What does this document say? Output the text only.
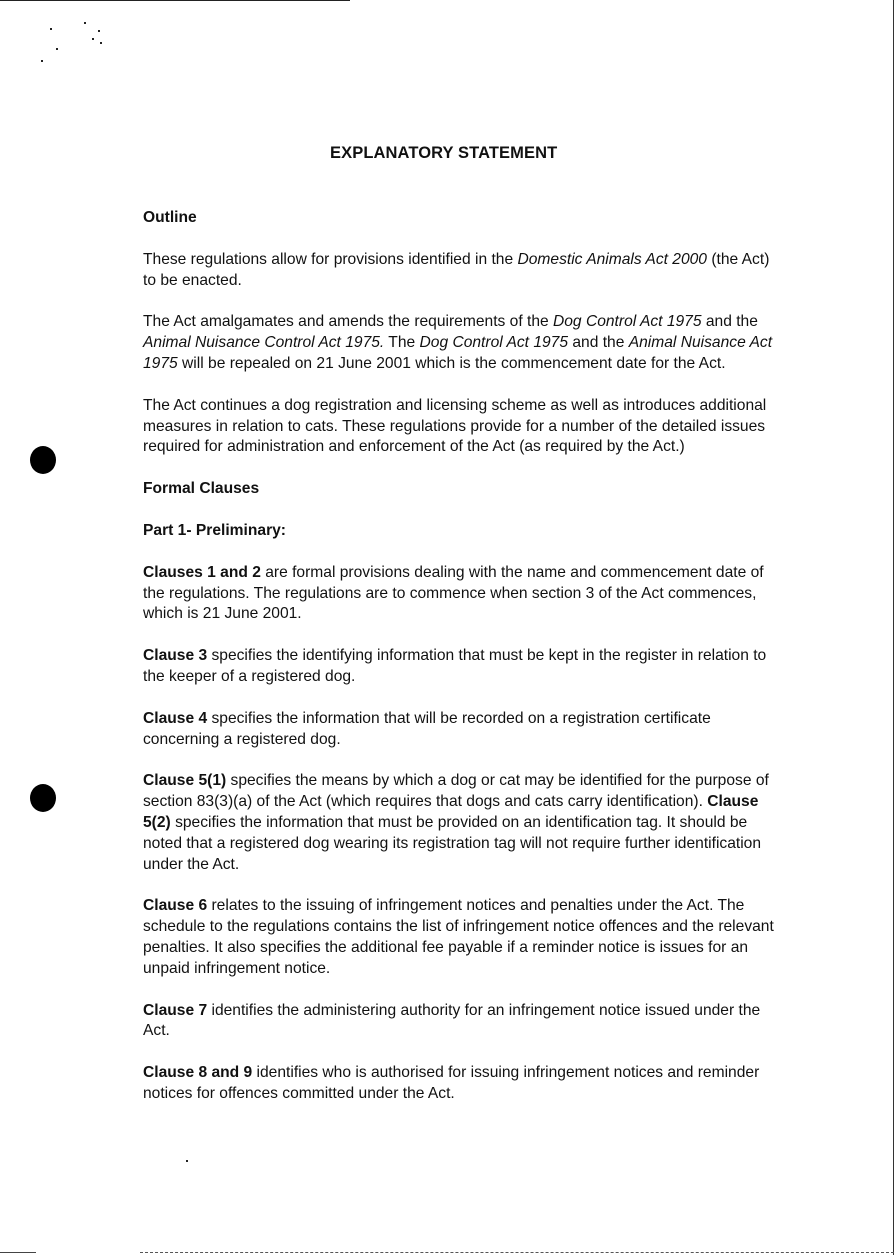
EXPLANATORY STATEMENT
Outline
These regulations allow for provisions identified in the Domestic Animals Act 2000 (the Act) to be enacted.
The Act amalgamates and amends the requirements of the Dog Control Act 1975 and the Animal Nuisance Control Act 1975. The Dog Control Act 1975 and the Animal Nuisance Act 1975 will be repealed on 21 June 2001 which is the commencement date for the Act.
The Act continues a dog registration and licensing scheme as well as introduces additional measures in relation to cats. These regulations provide for a number of the detailed issues required for administration and enforcement of the Act (as required by the Act.)
Formal Clauses
Part 1- Preliminary:
Clauses 1 and 2 are formal provisions dealing with the name and commencement date of the regulations. The regulations are to commence when section 3 of the Act commences, which is 21 June 2001.
Clause 3 specifies the identifying information that must be kept in the register in relation to the keeper of a registered dog.
Clause 4 specifies the information that will be recorded on a registration certificate concerning a registered dog.
Clause 5(1) specifies the means by which a dog or cat may be identified for the purpose of section 83(3)(a) of the Act (which requires that dogs and cats carry identification). Clause 5(2) specifies the information that must be provided on an identification tag. It should be noted that a registered dog wearing its registration tag will not require further identification under the Act.
Clause 6 relates to the issuing of infringement notices and penalties under the Act. The schedule to the regulations contains the list of infringement notice offences and the relevant penalties. It also specifies the additional fee payable if a reminder notice is issues for an unpaid infringement notice.
Clause 7 identifies the administering authority for an infringement notice issued under the Act.
Clause 8 and 9 identifies who is authorised for issuing infringement notices and reminder notices for offences committed under the Act.
